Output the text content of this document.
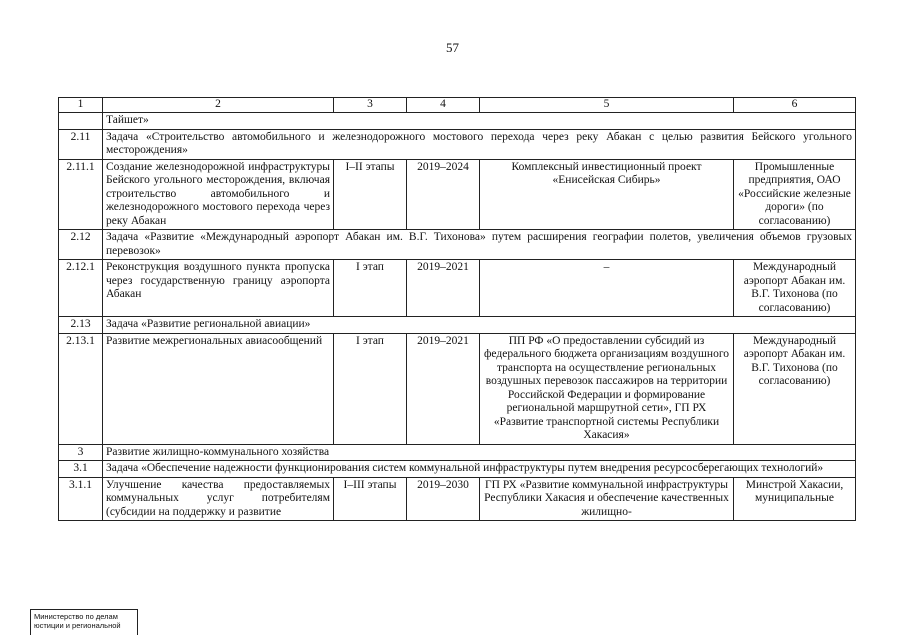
57
1	2	3	4	5	6
	Тайшет»				
2.11	Задача «Строительство автомобильного и железнодорожного мостового перехода через реку Абакан с целью развития Бейского угольного месторождения»				
2.11.1	Создание железнодорожной инфраструктуры Бейского угольного месторождения, включая строительство автомобильного и железнодорожного мостового перехода через реку Абакан	I–II этапы	2019–2024	Комплексный инвестиционный проект «Енисейская Сибирь»	Промышленные предприятия, ОАО «Российские железные дороги» (по согласованию)
2.12	Задача «Развитие «Международный аэропорт Абакан им. В.Г. Тихонова» путем расширения географии полетов, увеличения объемов грузовых перевозок»				
2.12.1	Реконструкция воздушного пункта пропуска через государственную границу аэропорта Абакан	I этап	2019–2021	–	Международный аэропорт Абакан им. В.Г. Тихонова (по согласованию)
2.13	Задача «Развитие региональной авиации»				
2.13.1	Развитие межрегиональных авиасообщений	I этап	2019–2021	ПП РФ «О предоставлении субсидий из федерального бюджета организациям воздушного транспорта на осуществление региональных воздушных перевозок пассажиров на территории Российской Федерации и формирование региональной маршрутной сети», ГП РХ «Развитие транспортной системы Республики Хакасия»	Международный аэропорт Абакан им. В.Г. Тихонова (по согласованию)
3	Развитие жилищно-коммунального хозяйства				
3.1	Задача «Обеспечение надежности функционирования систем коммунальной инфраструктуры путем внедрения ресурсосберегающих технологий»				
3.1.1	Улучшение качества предоставляемых коммунальных услуг потребителям (субсидии на поддержку и развитие	I–III этапы	2019–2030	ГП РХ «Развитие коммунальной инфраструктуры Республики Хакасия и обеспечение качественных жилищно-	Минстрой Хакасии, муниципальные
Министерство по делам юстиции и региональной
